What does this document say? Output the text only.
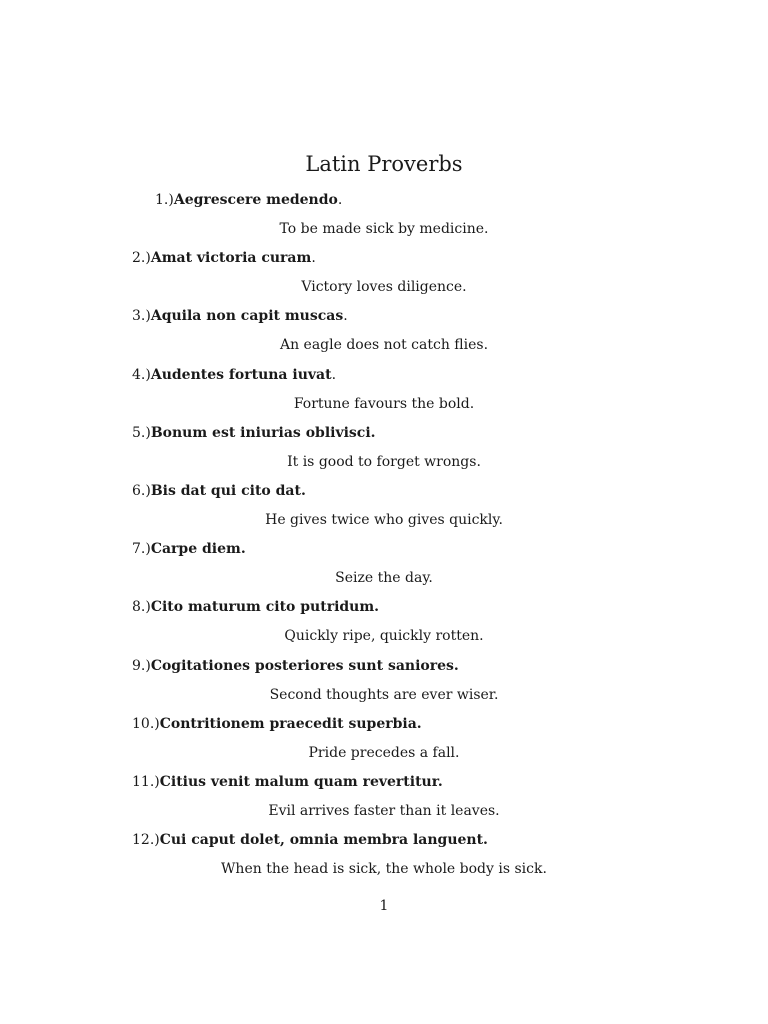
Latin Proverbs
1.)Aegrescere medendo.
To be made sick by medicine.
2.)Amat victoria curam.
Victory loves diligence.
3.)Aquila non capit muscas.
An eagle does not catch flies.
4.)Audentes fortuna iuvat.
Fortune favours the bold.
5.)Bonum est iniurias oblivisci.
It is good to forget wrongs.
6.)Bis dat qui cito dat.
He gives twice who gives quickly.
7.)Carpe diem.
Seize the day.
8.)Cito maturum cito putridum.
Quickly ripe, quickly rotten.
9.)Cogitationes posteriores sunt saniores.
Second thoughts are ever wiser.
10.)Contritionem praecedit superbia.
Pride precedes a fall.
11.)Citius venit malum quam revertitur.
Evil arrives faster than it leaves.
12.)Cui caput dolet, omnia membra languent.
When the head is sick, the whole body is sick.
1
